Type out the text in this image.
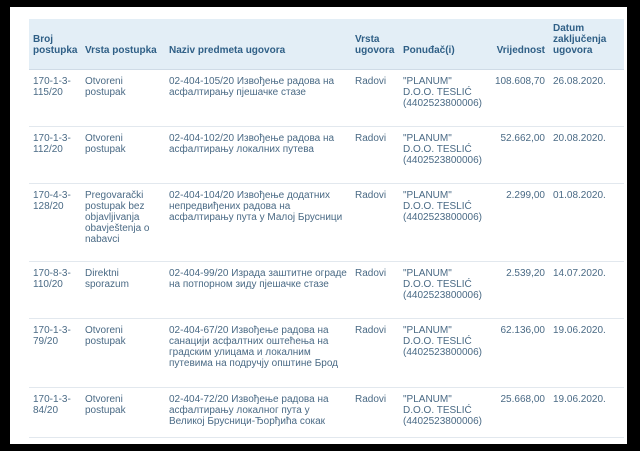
Broj postupka	Vrsta postupka	Naziv predmeta ugovora	Vrsta ugovora	Ponuđač(i)	Vrijednost	Datum zaključenja ugovora
170-1-3-115/20	Otvoreni postupak	02-404-105/20 Извођење радова на асфалтирању пјешачке стазе	Radovi	"PLANUM" D.O.O. TESLIĆ (4402523800006)	108.608,70	26.08.2020.
170-1-3-112/20	Otvoreni postupak	02-404-102/20 Извођење радова на асфалтирању локалних путева	Radovi	"PLANUM" D.O.O. TESLIĆ (4402523800006)	52.662,00	20.08.2020.
170-4-3-128/20	Pregovarački postupak bez objavljivanja obavještenja o nabavci	02-404-104/20 Извођење додатних непредвиђених радова на асфалтирању пута у Малој Брусници	Radovi	"PLANUM" D.O.O. TESLIĆ (4402523800006)	2.299,00	01.08.2020.
170-8-3-110/20	Direktni sporazum	02-404-99/20 Израда заштитне ограде на потпорном зиду пјешачке стазе	Radovi	"PLANUM" D.O.O. TESLIĆ (4402523800006)	2.539,20	14.07.2020.
170-1-3-79/20	Otvoreni postupak	02-404-67/20 Извођење радова на санацији асфалтних оштећења на градским улицама и локалним путевима на подручју општине Брод	Radovi	"PLANUM" D.O.O. TESLIĆ (4402523800006)	62.136,00	19.06.2020.
170-1-3-84/20	Otvoreni postupak	02-404-72/20 Извођење радова на асфалтирању локалног пута у Великој Брусници-Ђорђића сокак	Radovi	"PLANUM" D.O.O. TESLIĆ (4402523800006)	25.668,00	19.06.2020.
